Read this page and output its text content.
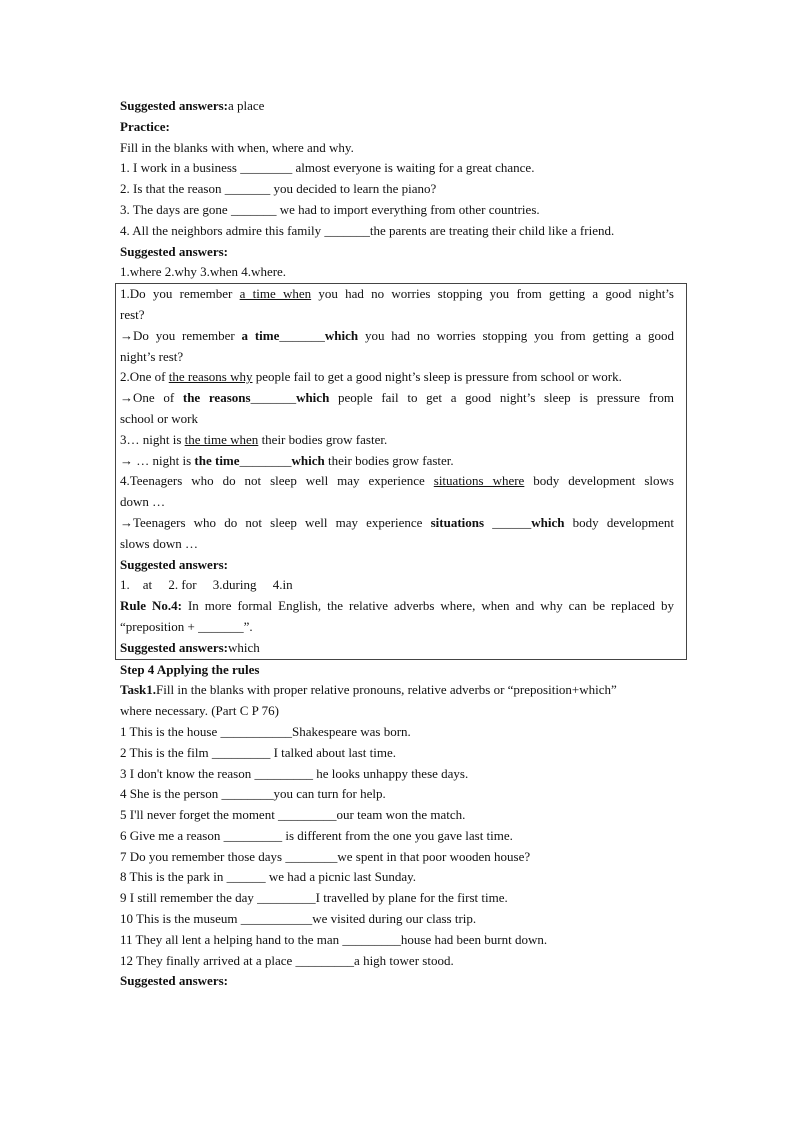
Suggested answers:a place
Practice:
Fill in the blanks with when, where and why.
1. I work in a business ________ almost everyone is waiting for a great chance.
2. Is that the reason _______ you decided to learn the piano?
3. The days are gone _______ we had to import everything from other countries.
4. All the neighbors admire this family _______the parents are treating their child like a friend.
Suggested answers:
1.where 2.why 3.when 4.where.
1.Do you remember a time when you had no worries stopping you from getting a good night’s
rest?
→Do you remember a time_______which you had no worries stopping you from getting a good
night’s rest?
2.One of the reasons why people fail to get a good night’s sleep is pressure from school or work.
→One of the reasons_______which people fail to get a good night’s sleep is pressure from
school or work
3… night is the time when their bodies grow faster.
→ … night is the time________which their bodies grow faster.
4.Teenagers who do not sleep well may experience situations where body development slows
down …
→Teenagers who do not sleep well may experience situations ______which body development
slows down …
Suggested answers:
1.    at     2. for     3.during     4.in
Rule No.4: In more formal English, the relative adverbs where, when and why can be replaced by
“preposition + _______”.
Suggested answers:which
Step 4 Applying the rules
Task1.Fill in the blanks with proper relative pronouns, relative adverbs or “preposition+which”
where necessary. (Part C P 76)
1 This is the house ___________Shakespeare was born.
2 This is the film _________ I talked about last time.
3 I don't know the reason _________ he looks unhappy these days.
4 She is the person ________you can turn for help.
5 I'll never forget the moment _________our team won the match.
6 Give me a reason _________ is different from the one you gave last time.
7 Do you remember those days ________we spent in that poor wooden house?
8 This is the park in ______ we had a picnic last Sunday.
9 I still remember the day _________I travelled by plane for the first time.
10 This is the museum ___________we visited during our class trip.
11 They all lent a helping hand to the man _________house had been burnt down.
12 They finally arrived at a place _________a high tower stood.
Suggested answers:
